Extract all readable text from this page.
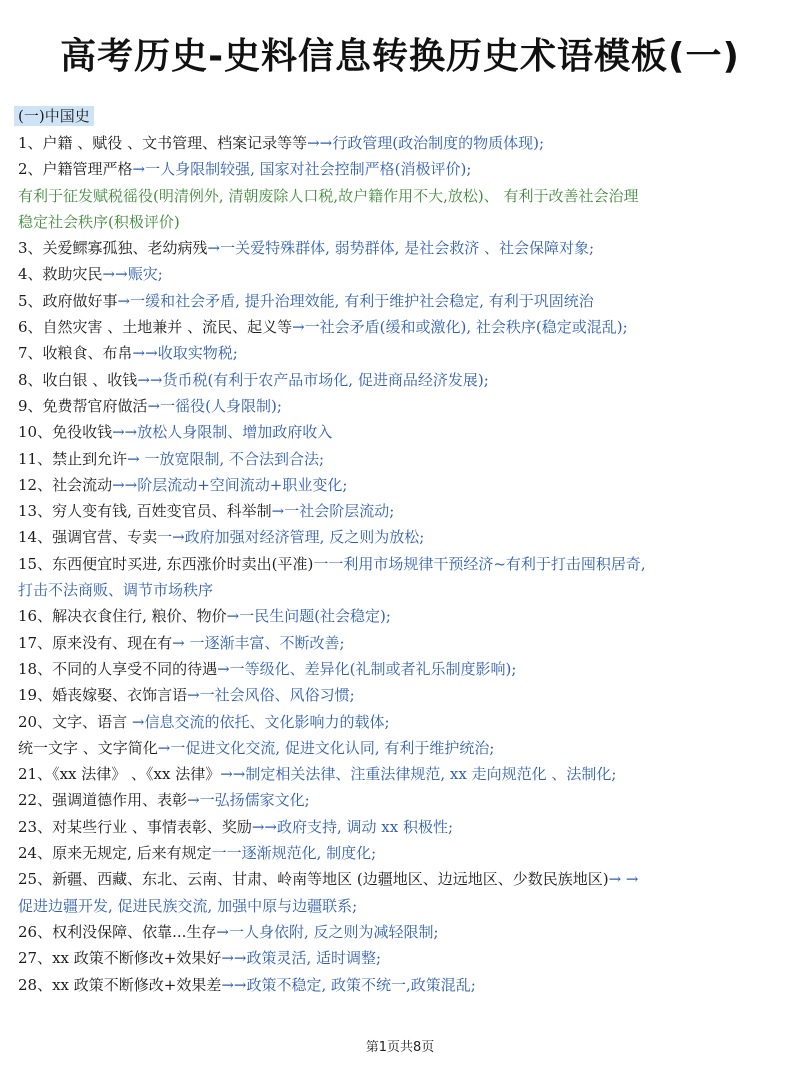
高考历史-史料信息转换历史术语模板(一)
(一)中国史
1、户籍 、赋役 、文书管理、档案记录等等→→行政管理(政治制度的物质体现);
2、户籍管理严格→一人身限制较强, 国家对社会控制严格(消极评价);
有利于征发赋税徭役(明清例外, 清朝废除人口税,故户籍作用不大,放松)、 有利于改善社会治理
稳定社会秩序(积极评价)
3、关爱鳏寡孤独、老幼病残→一关爱特殊群体, 弱势群体, 是社会救济 、社会保障对象;
4、救助灾民→→赈灾;
5、政府做好事→一缓和社会矛盾, 提升治理效能, 有利于维护社会稳定, 有利于巩固统治
6、自然灾害 、土地兼并 、流民、起义等→一社会矛盾(缓和或激化), 社会秩序(稳定或混乱);
7、收粮食、布帛→→收取实物税;
8、收白银 、收钱→→货币税(有利于农产品市场化, 促进商品经济发展);
9、免费帮官府做活→一徭役(人身限制);
10、免役收钱→→放松人身限制、增加政府收入
11、禁止到允许→ 一放宽限制, 不合法到合法;
12、社会流动→→阶层流动+空间流动+职业变化;
13、穷人变有钱, 百姓变官员、科举制→一社会阶层流动;
14、强调官营、专卖一→政府加强对经济管理, 反之则为放松;
15、东西便宜时买进, 东西涨价时卖出(平准)一一利用市场规律干预经济~有利于打击囤积居奇,
打击不法商贩、调节市场秩序
16、解决衣食住行, 粮价、物价→一民生问题(社会稳定);
17、原来没有、现在有→ 一逐渐丰富、不断改善;
18、不同的人享受不同的待遇→一等级化、差异化(礼制或者礼乐制度影响);
19、婚丧嫁娶、衣饰言语→一社会风俗、风俗习惯;
20、文字、语言 →信息交流的依托、文化影响力的载体;
统一文字 、文字简化→一促进文化交流, 促进文化认同, 有利于维护统治;
21、《xx 法律》 、《xx 法律》→→制定相关法律、注重法律规范, xx 走向规范化 、法制化;
22、强调道德作用、表彰→一弘扬儒家文化;
23、对某些行业 、事情表彰、奖励→→政府支持, 调动 xx 积极性;
24、原来无规定, 后来有规定一一逐渐规范化, 制度化;
25、新疆、西藏、东北、云南、甘肃、岭南等地区 (边疆地区、边远地区、少数民族地区)→ →
促进边疆开发, 促进民族交流, 加强中原与边疆联系;
26、权利没保障、依靠...生存→一人身依附, 反之则为减轻限制;
27、xx 政策不断修改+效果好→→政策灵活, 适时调整;
28、xx 政策不断修改+效果差→→政策不稳定, 政策不统一,政策混乱;
第1页共8页
